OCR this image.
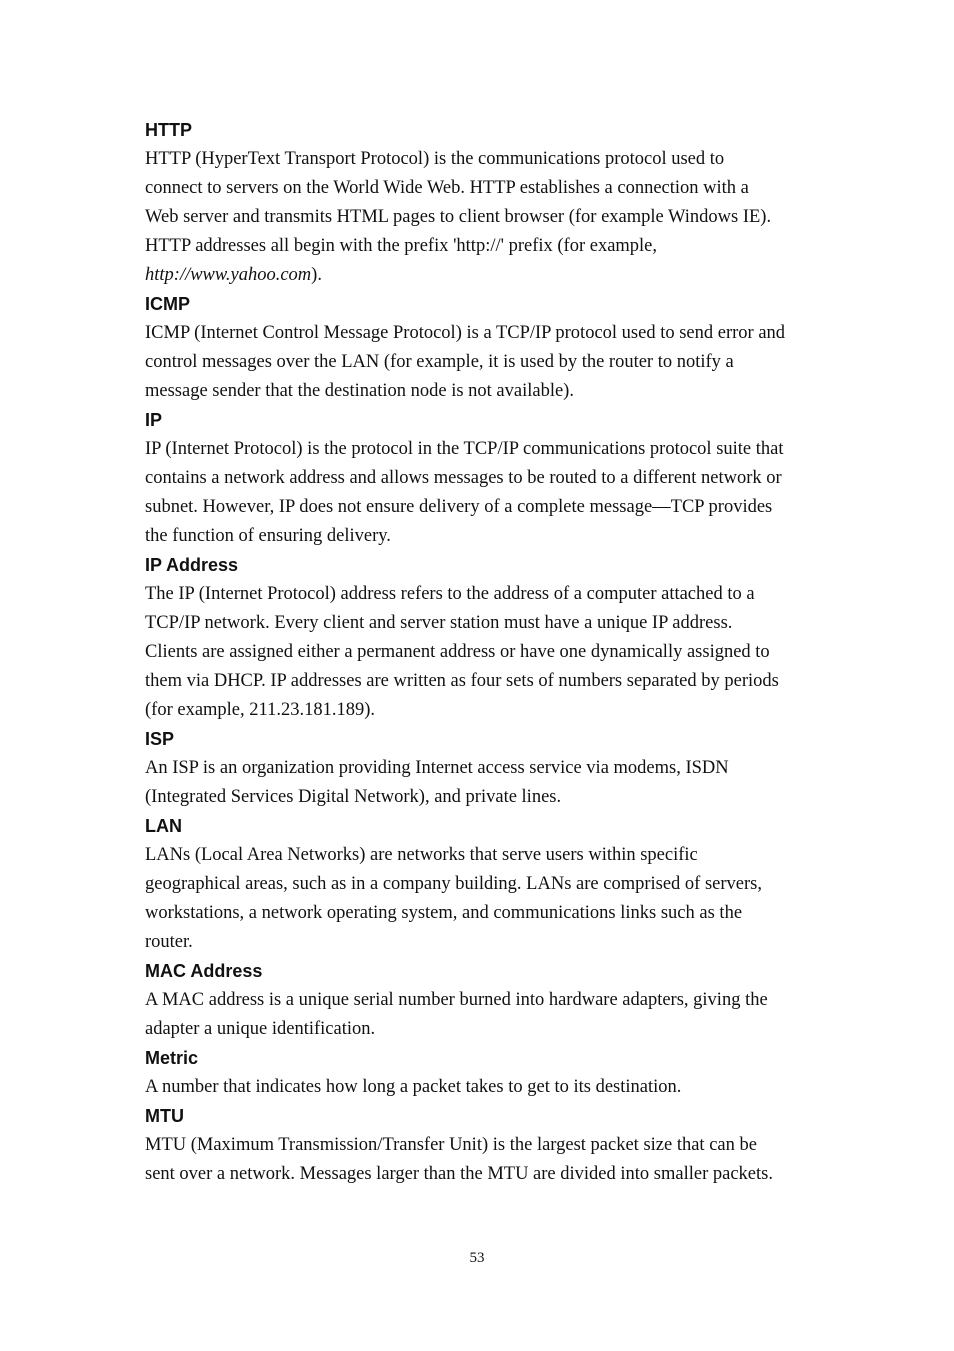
HTTP

HTTP (HyperText Transport Protocol) is the communications protocol used to
connect to servers on the World Wide Web. HTTP establishes a connection with a
Web server and transmits HTML pages to client browser (for example Windows IE).
HTTP addresses all begin with the prefix 'http://' prefix (for example,
http://www.yahoo.com).

ICMP

ICMP (Internet Control Message Protocol) is a TCP/IP protocol used to send error and
control messages over the LAN (for example, it is used by the router to notify a
message sender that the destination node is not available).

IP

IP (Internet Protocol) is the protocol in the TCP/IP communications protocol suite that
contains a network address and allows messages to be routed to a different network or
subnet. However, IP does not ensure delivery of a complete message—TCP provides
the function of ensuring delivery.

IP Address

The IP (Internet Protocol) address refers to the address of a computer attached to a
TCP/IP network. Every client and server station must have a unique IP address.
Clients are assigned either a permanent address or have one dynamically assigned to
them via DHCP. IP addresses are written as four sets of numbers separated by periods
(for example, 211.23.181.189).

ISP

An ISP is an organization providing Internet access service via modems, ISDN
(Integrated Services Digital Network), and private lines.

LAN

LANs (Local Area Networks) are networks that serve users within specific
geographical areas, such as in a company building. LANs are comprised of servers,
workstations, a network operating system, and communications links such as the
router.

MAC Address

A MAC address is a unique serial number burned into hardware adapters, giving the
adapter a unique identification.

Metric

A number that indicates how long a packet takes to get to its destination.

MTU

MTU (Maximum Transmission/Transfer Unit) is the largest packet size that can be
sent over a network. Messages larger than the MTU are divided into smaller packets.

53
